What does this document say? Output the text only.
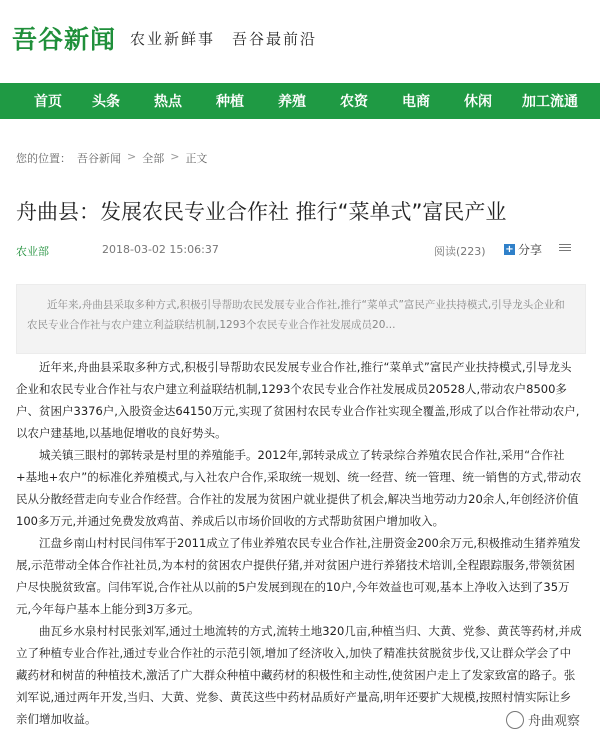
吾谷新闻 农业新鲜事　吾谷最前沿
首页	头条	热点	种植	养殖	农资	电商	休闲	加工流通
您的位置： 吾谷新闻 > 全部 > 正文
舟曲县：发展农民专业合作社 推行“菜单式”富民产业
农业部	2018-03-02 15:06:37	阅读(223) + 分享
近年来,舟曲县采取多种方式,积极引导帮助农民发展专业合作社,推行“菜单式”富民产业扶持模式,引导龙头企业和农民专业合作社与农户建立利益联结机制,1293个农民专业合作社发展成员20...

近年来,舟曲县采取多种方式,积极引导帮助农民发展专业合作社,推行“菜单式”富民产业扶持模式,引导龙头企业和农民专业合作社与农户建立利益联结机制,1293个农民专业合作社发展成员20528人,带动农户8500多户、贫困户3376户,入股资金达64150万元,实现了贫困村农民专业合作社实现全覆盖,形成了以合作社带动农户,以农户建基地,以基地促增收的良好势头。

城关镇三眼村的郭转录是村里的养殖能手。2012年,郭转录成立了转录综合养殖农民合作社,采用“合作社+基地+农户”的标准化养殖模式,与入社农户合作,采取统一规划、统一经营、统一管理、统一销售的方式,带动农民从分散经营走向专业合作经营。合作社的发展为贫困户就业提供了机会,解决当地劳动力20余人,年创经济价值100多万元,并通过免费发放鸡苗、养成后以市场价回收的方式帮助贫困户增加收入。

江盘乡南山村村民闫伟军于2011成立了伟业养殖农民专业合作社,注册资金200余万元,积极推动生猪养殖发展,示范带动全体合作社社员,为本村的贫困农户提供仔猪,并对贫困户进行养猪技术培训,全程跟踪服务,带领贫困户尽快脱贫致富。闫伟军说,合作社从以前的5户发展到现在的10户,今年效益也可观,基本上净收入达到了35万元,今年每户基本上能分到3万多元。

曲瓦乡水泉村村民张刘军,通过土地流转的方式,流转土地320几亩,种植当归、大黄、党参、黄芪等药材,并成立了种植专业合作社,通过专业合作社的示范引领,增加了经济收入,加快了精准扶贫脱贫步伐,又让群众学会了中藏药材和树苗的种植技术,激活了广大群众种植中藏药材的积极性和主动性,使贫困户走上了发家致富的路子。张刘军说,通过两年开发,当归、大黄、党参、黄芪这些中药材品质好产量高,明年还要扩大规模,按照村情实际让乡亲们增加收益。	舟曲观察
